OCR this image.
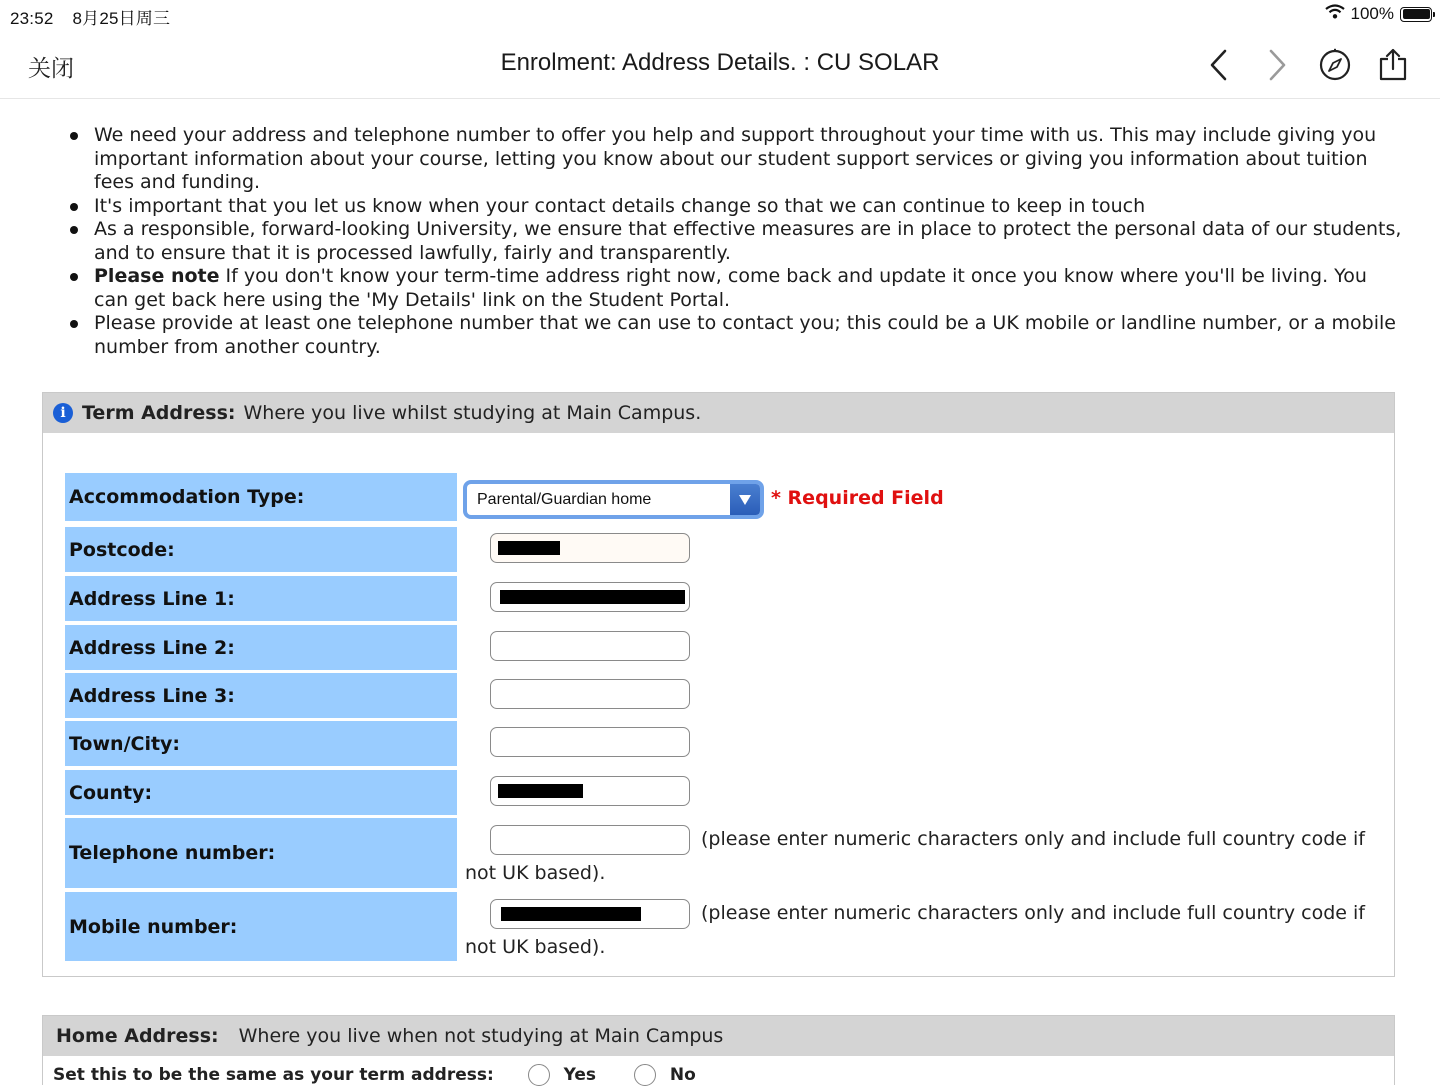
23:52 8月25日周三	100%
关闭	Enrolment: Address Details. : CU SOLAR
We need your address and telephone number to offer you help and support throughout your time with us. This may include giving you important information about your course, letting you know about our student support services or giving you information about tuition fees and funding.
It's important that you let us know when your contact details change so that we can continue to keep in touch
As a responsible, forward-looking University, we ensure that effective measures are in place to protect the personal data of our students, and to ensure that it is processed lawfully, fairly and transparently.
Please note If you don't know your term-time address right now, come back and update it once you know where you'll be living. You can get back here using the 'My Details' link on the Student Portal.
Please provide at least one telephone number that we can use to contact you; this could be a UK mobile or landline number, or a mobile number from another country.
i Term Address: Where you live whilst studying at Main Campus.
Accommodation Type:	Parental/Guardian home	* Required Field
Postcode:
Address Line 1:
Address Line 2:
Address Line 3:
Town/City:
County:
Telephone number:
(please enter numeric characters only and include full country code if
not UK based).
Mobile number:
(please enter numeric characters only and include full country code if
not UK based).
Home Address: Where you live when not studying at Main Campus
Set this to be the same as your term address:	Yes	No
